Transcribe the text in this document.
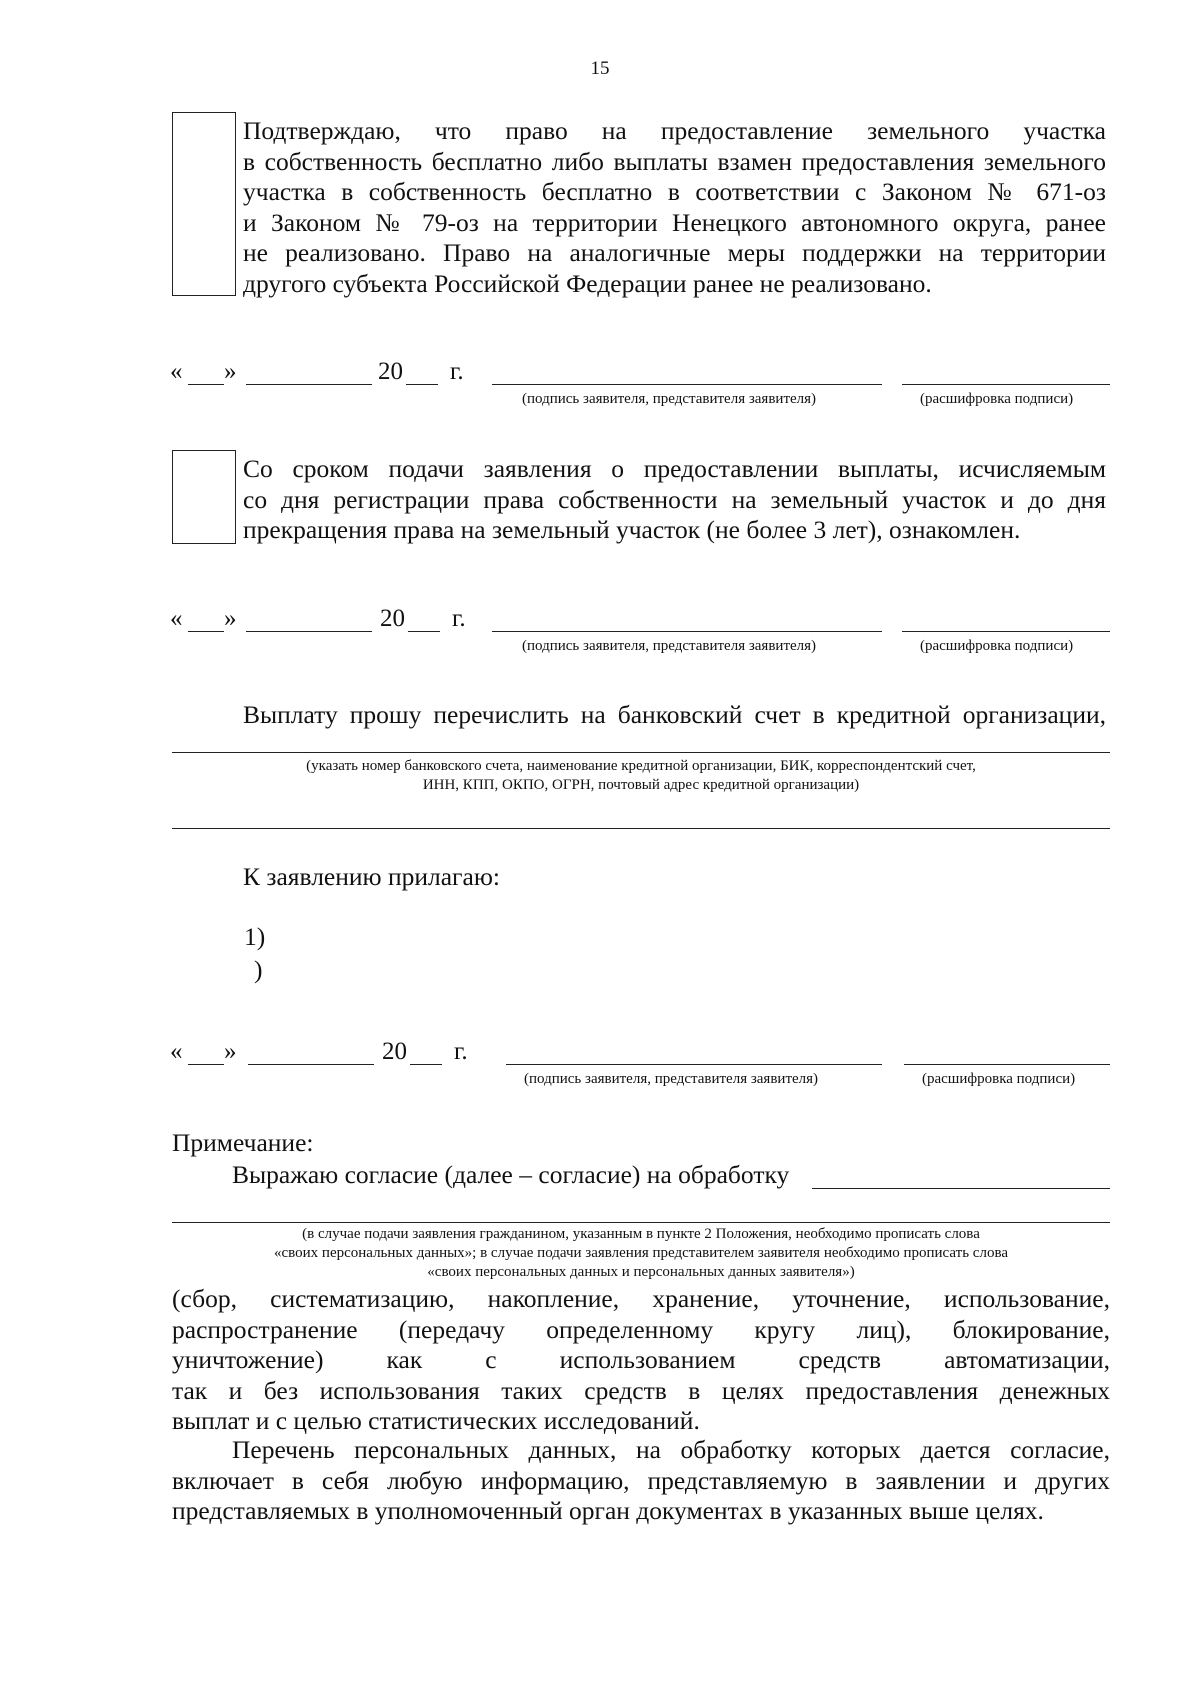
15
Подтверждаю, что право на предоставление земельного участка
в собственность бесплатно либо выплаты взамен предоставления земельного
участка в собственность бесплатно в соответствии с Законом № 671-оз
и Законом № 79-оз на территории Ненецкого автономного округа, ранее
не реализовано. Право на аналогичные меры поддержки на территории
другого субъекта Российской Федерации ранее не реализовано.
« »	20 г.
(подпись заявителя, представителя заявителя)	(расшифровка подписи)
Со сроком подачи заявления о предоставлении выплаты, исчисляемым
со дня регистрации права собственности на земельный участок и до дня
прекращения права на земельный участок (не более 3 лет), ознакомлен.
« »	20 г.
(подпись заявителя, представителя заявителя)	(расшифровка подписи)
Выплату прошу перечислить на банковский счет в кредитной организации,
(указать номер банковского счета, наименование кредитной организации, БИК, корреспондентский счет,
ИНН, КПП, ОКПО, ОГРН, почтовый адрес кредитной организации)
К заявлению прилагаю:
1)
)
« »	20 г.
(подпись заявителя, представителя заявителя)	(расшифровка подписи)
Примечание:
Выражаю согласие (далее – согласие) на обработку
(в случае подачи заявления гражданином, указанным в пункте 2 Положения, необходимо прописать слова
«своих персональных данных»; в случае подачи заявления представителем заявителя необходимо прописать слова
«своих персональных данных и персональных данных заявителя»)
(сбор, систематизацию, накопление, хранение, уточнение, использование,
распространение (передачу определенному кругу лиц), блокирование,
уничтожение) как с использованием средств автоматизации,
так и без использования таких средств в целях предоставления денежных
выплат и с целью статистических исследований.
Перечень персональных данных, на обработку которых дается согласие,
включает в себя любую информацию, представляемую в заявлении и других
представляемых в уполномоченный орган документах в указанных выше целях.
